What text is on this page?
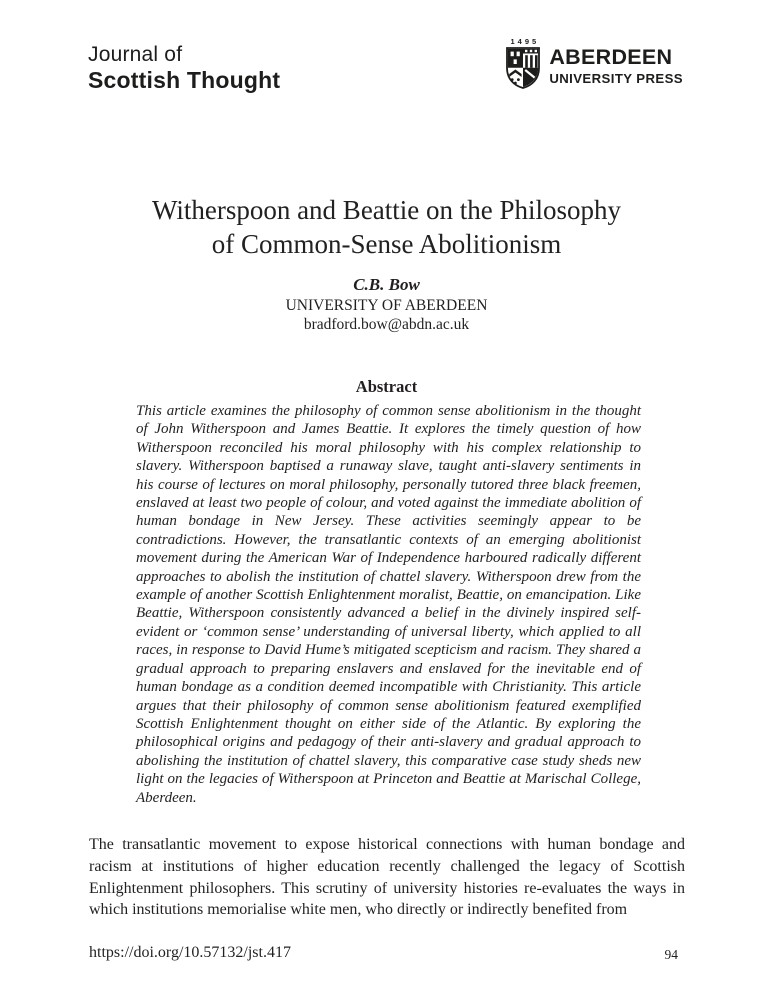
Journal of
Scottish Thought
1495
ABERDEEN
UNIVERSITY PRESS
Witherspoon and Beattie on the Philosophy
of Common-Sense Abolitionism
C.B. Bow
UNIVERSITY OF ABERDEEN
bradford.bow@abdn.ac.uk
Abstract

This article examines the philosophy of common sense abolitionism in the thought of John Witherspoon and James Beattie. It explores the timely question of how Witherspoon reconciled his moral philosophy with his complex relationship to slavery. Witherspoon baptised a runaway slave, taught anti-slavery sentiments in his course of lectures on moral philosophy, personally tutored three black freemen, enslaved at least two people of colour, and voted against the immediate abolition of human bondage in New Jersey. These activities seemingly appear to be contradictions. However, the transatlantic contexts of an emerging abolitionist movement during the American War of Independence harboured radically different approaches to abolish the institution of chattel slavery. Witherspoon drew from the example of another Scottish Enlightenment moralist, Beattie, on emancipation. Like Beattie, Witherspoon consistently advanced a belief in the divinely inspired self-evident or ‘common sense’ understanding of universal liberty, which applied to all races, in response to David Hume’s mitigated scepticism and racism. They shared a gradual approach to preparing enslavers and enslaved for the inevitable end of human bondage as a condition deemed incompatible with Christianity. This article argues that their philosophy of common sense abolitionism featured exemplified Scottish Enlightenment thought on either side of the Atlantic. By exploring the philosophical origins and pedagogy of their anti-slavery and gradual approach to abolishing the institution of chattel slavery, this comparative case study sheds new light on the legacies of Witherspoon at Princeton and Beattie at Marischal College, Aberdeen.

The transatlantic movement to expose historical connections with human bondage and racism at institutions of higher education recently challenged the legacy of Scottish Enlightenment philosophers. This scrutiny of university histories re-evaluates the ways in which institutions memorialise white men, who directly or indirectly benefited from

https://doi.org/10.57132/jst.417	94
